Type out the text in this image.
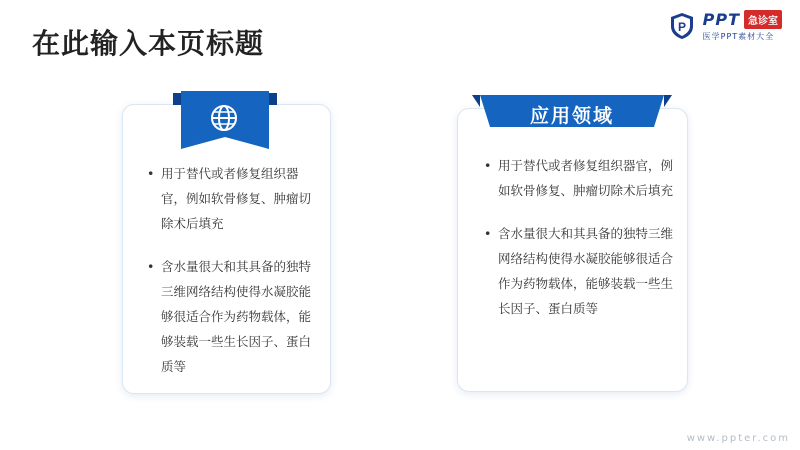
在此输入本页标题	P PPT 急诊室
医学PPT素材大全
• 用于替代或者修复组织器官，例如软骨修复、肿瘤切除术后填充
• 含水量很大和其具备的独特三维网络结构使得水凝胶能够很适合作为药物载体，能够装载一些生长因子、蛋白质等
应用领域
• 用于替代或者修复组织器官，例如软骨修复、肿瘤切除术后填充
• 含水量很大和其具备的独特三维网络结构使得水凝胶能够很适合作为药物载体，能够装载一些生长因子、蛋白质等
www.ppter.com
